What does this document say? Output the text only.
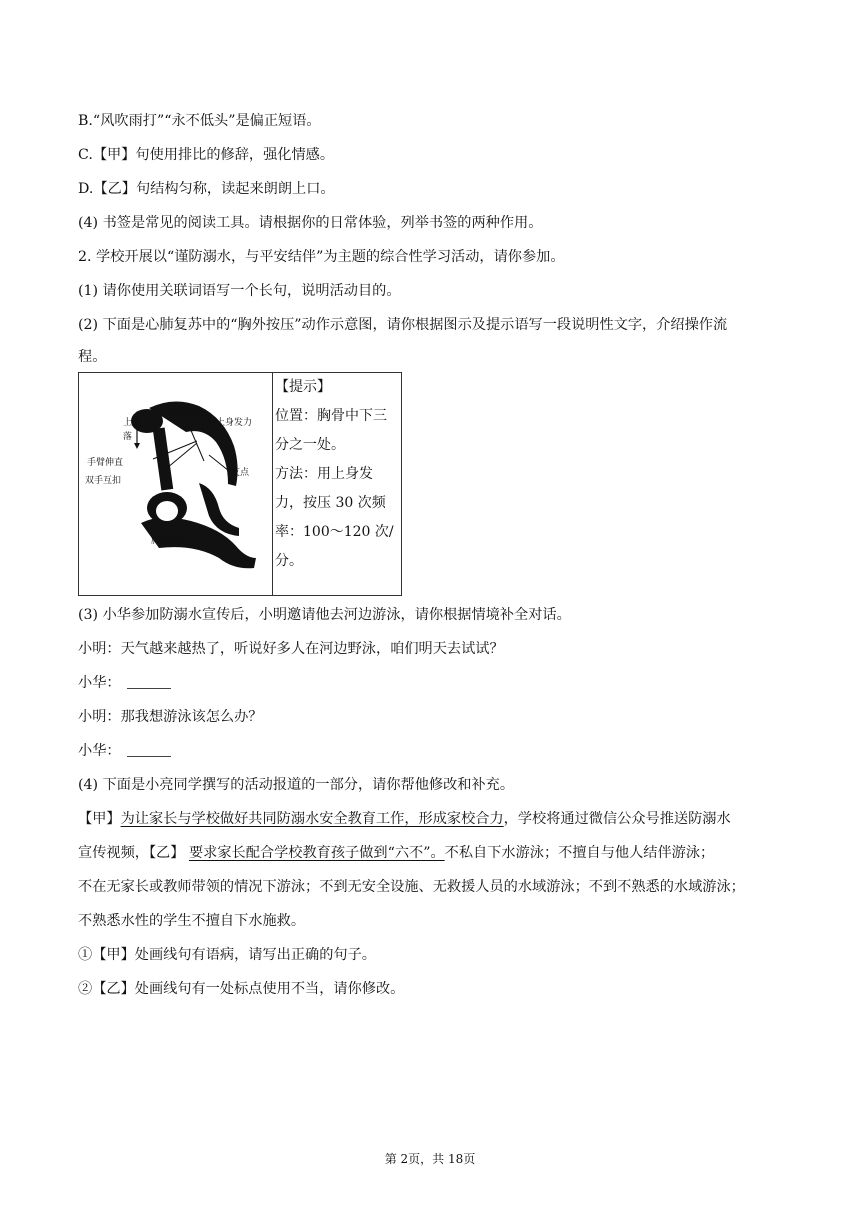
B.“风吹雨打”“永不低头”是偏正短语。
C.【甲】句使用排比的修辞，强化情感。
D.【乙】句结构匀称，读起来朗朗上口。
(4) 书签是常见的阅读工具。请根据你的日常体验，列举书签的两种作用。
2. 学校开展以“谨防溺水，与平安结伴”为主题的综合性学习活动，请你参加。
(1) 请你使用关联词语写一个长句，说明活动目的。
(2) 下面是心肺复苏中的“胸外按压”动作示意图，请你根据图示及提示语写一段说明性文字，介绍操作流
程。
下陷5cm
用上身发力
上
落
手臂伸直
双手互扣
支点
胸外按压

【提示】
位置：胸骨中下三
分之一处。
方法：用上身发
力，按压 30 次频
率：100～120 次/
分。
(3) 小华参加防溺水宣传后，小明邀请他去河边游泳，请你根据情境补全对话。
小明：天气越来越热了，听说好多人在河边野泳，咱们明天去试试？
小华：
小明：那我想游泳该怎么办？
小华：
(4) 下面是小亮同学撰写的活动报道的一部分，请你帮他修改和补充。
【甲】为让家长与学校做好共同防溺水安全教育工作，形成家校合力，学校将通过微信公众号推送防溺水
宣传视频，【乙】 要求家长配合学校教育孩子做到“六不”。不私自下水游泳；不擅自与他人结伴游泳；
不在无家长或教师带领的情况下游泳；不到无安全设施、无救援人员的水域游泳；不到不熟悉的水域游泳；
不熟悉水性的学生不擅自下水施救。
①【甲】处画线句有语病，请写出正确的句子。
②【乙】处画线句有一处标点使用不当，请你修改。
第 2页，共 18页
